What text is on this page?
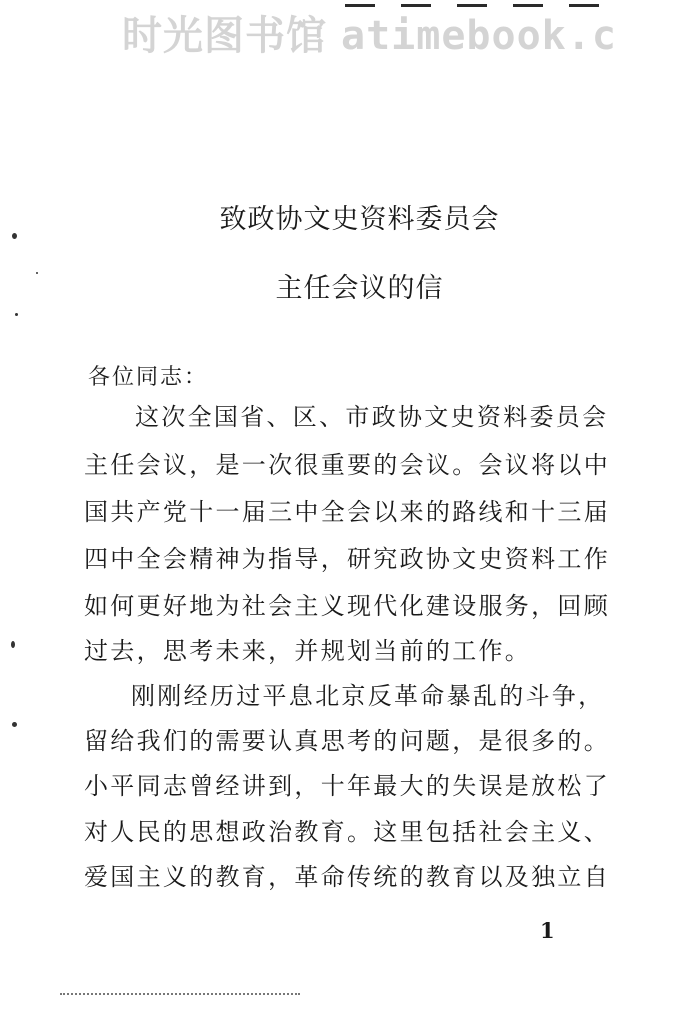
时光图书馆 atimebook.c
致政协文史资料委员会
主任会议的信
各位同志：
这次全国省、区、市政协文史资料委员会
主任会议，是一次很重要的会议。会议将以中
国共产党十一届三中全会以来的路线和十三届
四中全会精神为指导，研究政协文史资料工作
如何更好地为社会主义现代化建设服务，回顾
过去，思考未来，并规划当前的工作。
刚刚经历过平息北京反革命暴乱的斗争，
留给我们的需要认真思考的问题，是很多的。
小平同志曾经讲到，十年最大的失误是放松了
对人民的思想政治教育。这里包括社会主义、
爱国主义的教育，革命传统的教育以及独立自
1
